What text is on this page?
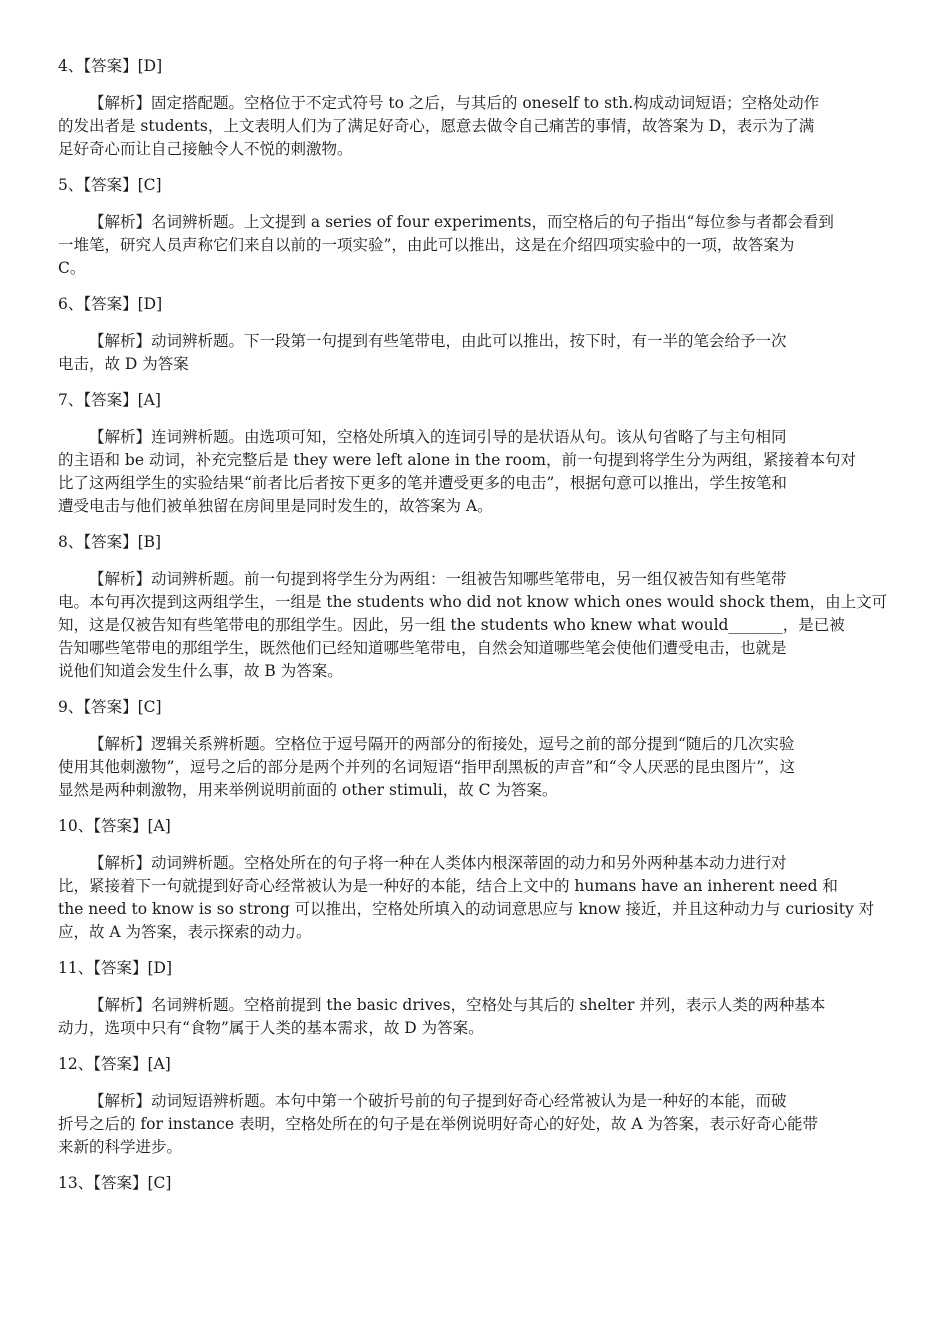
4、【答案】[D]

【解析】固定搭配题。空格位于不定式符号 to 之后，与其后的 oneself to sth.构成动词短语；空格处动作
的发出者是 students，上文表明人们为了满足好奇心，愿意去做令自己痛苦的事情，故答案为 D，表示为了满
足好奇心而让自己接触令人不悦的刺激物。

5、【答案】[C]

【解析】名词辨析题。上文提到 a series of four experiments，而空格后的句子指出“每位参与者都会看到
一堆笔，研究人员声称它们来自以前的一项实验”，由此可以推出，这是在介绍四项实验中的一项，故答案为
C。

6、【答案】[D]

【解析】动词辨析题。下一段第一句提到有些笔带电，由此可以推出，按下时，有一半的笔会给予一次
电击，故 D 为答案

7、【答案】[A]

【解析】连词辨析题。由选项可知，空格处所填入的连词引导的是状语从句。该从句省略了与主句相同
的主语和 be 动词，补充完整后是 they were left alone in the room，前一句提到将学生分为两组，紧接着本句对
比了这两组学生的实验结果“前者比后者按下更多的笔并遭受更多的电击”，根据句意可以推出，学生按笔和
遭受电击与他们被单独留在房间里是同时发生的，故答案为 A。

8、【答案】[B]

【解析】动词辨析题。前一句提到将学生分为两组：一组被告知哪些笔带电，另一组仅被告知有些笔带
电。本句再次提到这两组学生，一组是 the students who did not know which ones would shock them，由上文可
知，这是仅被告知有些笔带电的那组学生。因此，另一组 the students who knew what would_______，是已被
告知哪些笔带电的那组学生，既然他们已经知道哪些笔带电，自然会知道哪些笔会使他们遭受电击，也就是
说他们知道会发生什么事，故 B 为答案。

9、【答案】[C]

【解析】逻辑关系辨析题。空格位于逗号隔开的两部分的衔接处，逗号之前的部分提到“随后的几次实验
使用其他刺激物”，逗号之后的部分是两个并列的名词短语“指甲刮黑板的声音”和“令人厌恶的昆虫图片”，这
显然是两种刺激物，用来举例说明前面的 other stimuli，故 C 为答案。

10、【答案】[A]

【解析】动词辨析题。空格处所在的句子将一种在人类体内根深蒂固的动力和另外两种基本动力进行对
比，紧接着下一句就提到好奇心经常被认为是一种好的本能，结合上文中的 humans have an inherent need 和
the need to know is so strong 可以推出，空格处所填入的动词意思应与 know 接近，并且这种动力与 curiosity 对
应，故 A 为答案，表示探索的动力。

11、【答案】[D]

【解析】名词辨析题。空格前提到 the basic drives，空格处与其后的 shelter 并列，表示人类的两种基本
动力，选项中只有“食物”属于人类的基本需求，故 D 为答案。

12、【答案】[A]

【解析】动词短语辨析题。本句中第一个破折号前的句子提到好奇心经常被认为是一种好的本能，而破
折号之后的 for instance 表明，空格处所在的句子是在举例说明好奇心的好处，故 A 为答案，表示好奇心能带
来新的科学进步。

13、【答案】[C]
